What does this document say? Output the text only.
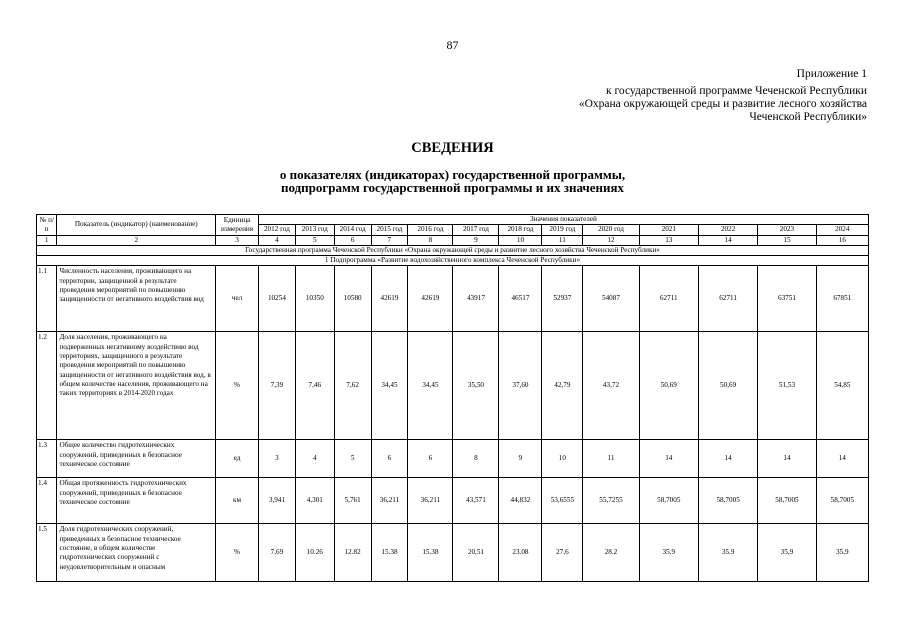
87
Приложение 1
к государственной программе Чеченской Республики
«Охрана окружающей среды и развитие лесного хозяйства
Чеченской Республики»
СВЕДЕНИЯ
о показателях (индикаторах) государственной программы,
подпрограмм государственной программы и их значениях
№ п/п	Показатель (индикатор) (наименование)	Единица измерения	Значения показателей												
			2012 год	2013 год	2014 год	2015 год	2016 год	2017 год	2018 год	2019 год	2020 год	2021	2022	2023	2024
1	2	3	4	5	6	7	8	9	10	11	12	13	14	15	16
Государственная программа Чеченской Республики «Охрана окружающей среды и развитие лесного хозяйства Чеченской Республики»															
1 Подпрограмма «Развитие водохозяйственного комплекса Чеченской Республики»															
1.1	Численность населения, проживающего на территории, защищенной в результате проведения мероприятий по повышению защищенности от негативного воздействия вод	чел	10254	10350	10580	42619	42619	43917	46517	52937	54087	62711	62711	63751	67851
1.2	Доля населения, проживающего на подверженных негативному воздействию вод территориях, защищенного в результате проведения мероприятий по повышению защищенности от негативного воздействия вод, в общем количестве населения, проживающего на таких территориях в 2014-2020 годах	%	7,39	7,46	7,62	34,45	34,45	35,50	37,60	42,79	43,72	50,69	50,69	51,53	54,85
1.3	Общее количество гидротехнических сооружений, приведенных в безопасное техническое состояние	ед	3	4	5	6	6	8	9	10	11	14	14	14	14
1.4	Общая протяженность гидротехнических сооружений, приведенных в безопасное техническое состояние	км	3,941	4,301	5,761	36,211	36,211	43,571	44,832	53,6555	55,7255	58,7005	58,7005	58,7005	58,7005
1.5	Доля гидротехнических сооружений, приведенных в безопасное техническое состояние, в общем количестве гидротехнических сооружений с неудовлетворительным и опасным	%	7,69	10.26	12.82	15.38	15.38	20,51	23.08	27,6	28.2	35.9	35.9	35,9	35,9
